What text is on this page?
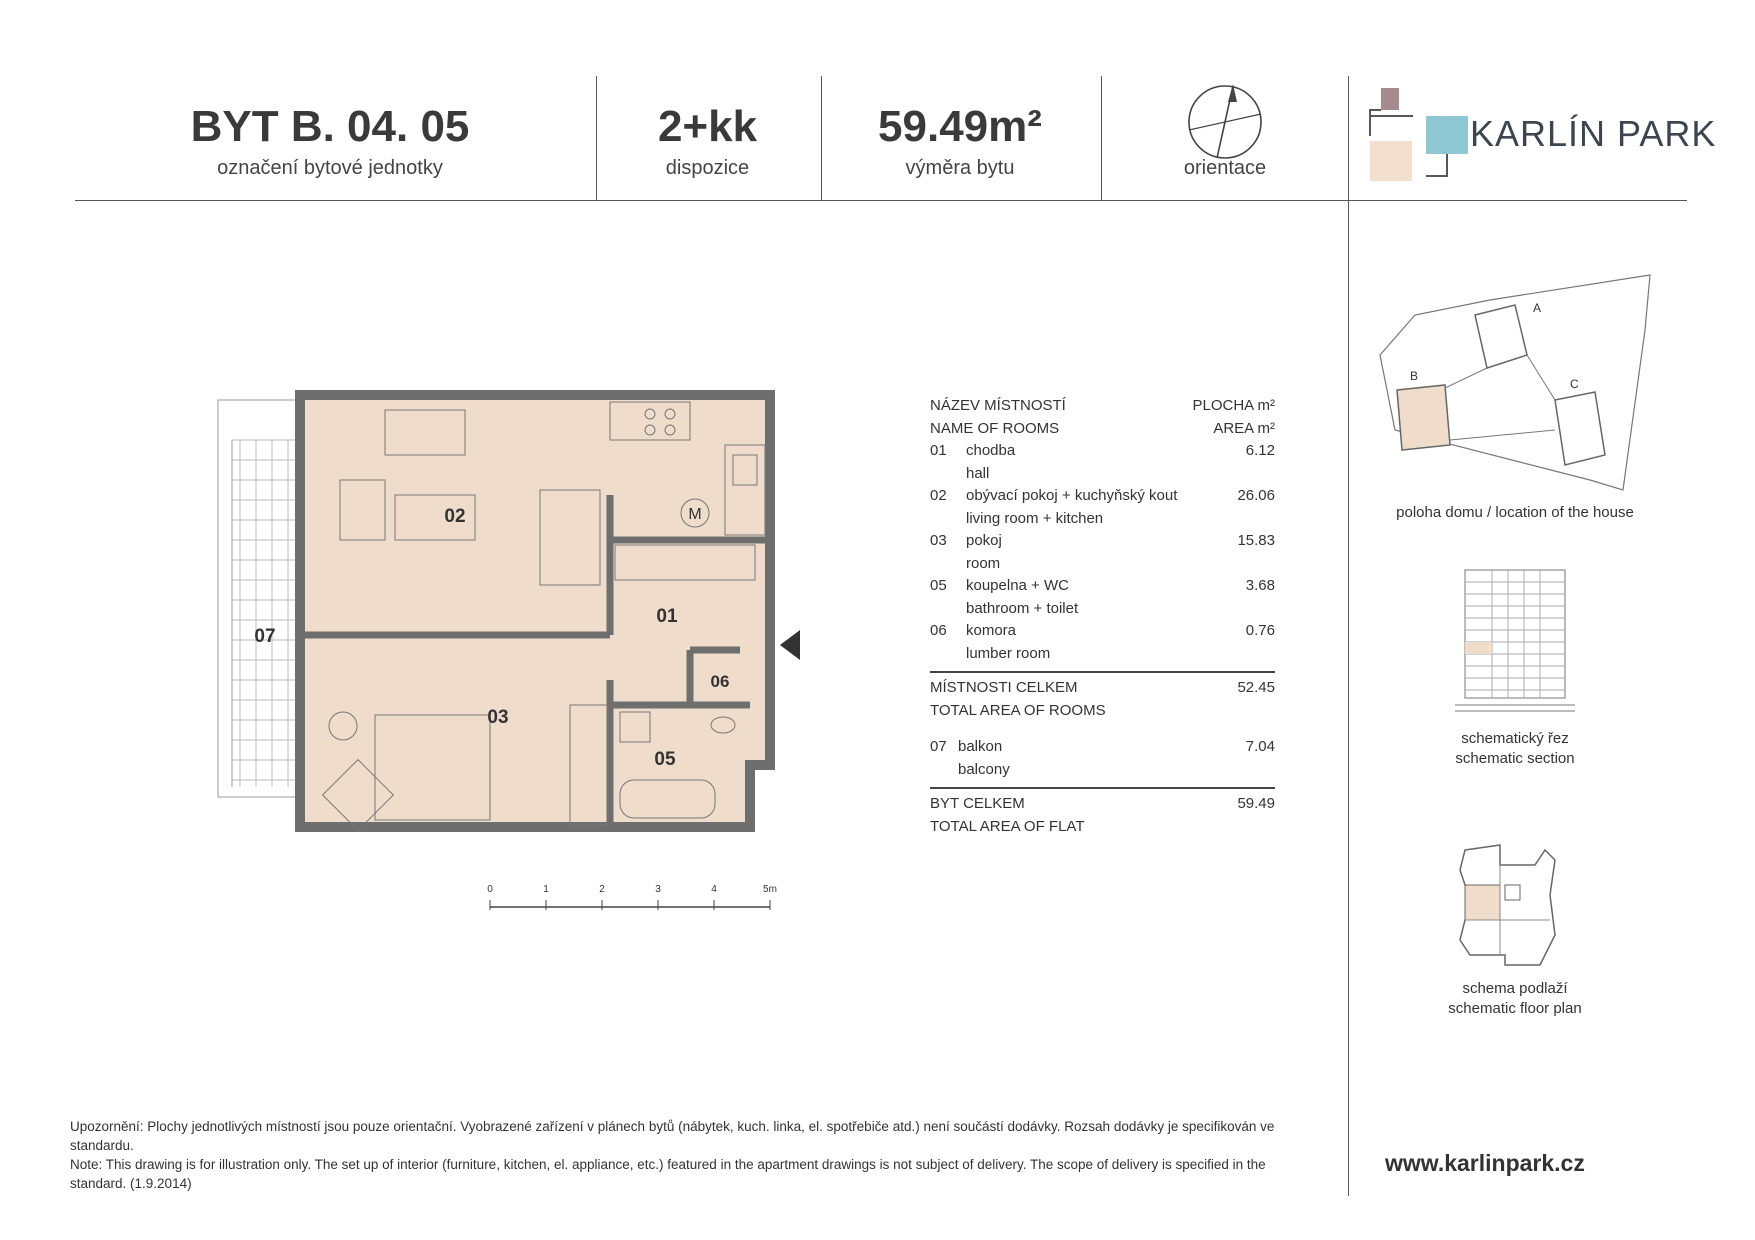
BYT B. 04. 05
označení bytové jednotky
2+kk
dispozice
59.49m²
výměra bytu	orientace
KARLÍN PARK
M
02
07
01
03
06
05
0	1	2	3	4	5m
NÁZEV MÍSTNOSTÍ	PLOCHA m²
NAME OF ROOMS	AREA m²
01	chodba	6.12
hall
02	obývací pokoj + kuchyňský kout	26.06
living room + kitchen
03	pokoj	15.83
room
05	koupelna + WC	3.68
bathroom + toilet
06	komora	0.76
lumber room
MÍSTNOSTI CELKEM	52.45
TOTAL AREA OF ROOMS
07 balkon	7.04
balcony
BYT CELKEM	59.49
TOTAL AREA OF FLAT
A
B
C
poloha domu / location of the house
schematický řez
schematic section
schema podlaží
schematic floor plan
Upozornění: Plochy jednotlivých místností jsou pouze orientační. Vyobrazené zařízení v plánech bytů (nábytek, kuch. linka, el. spotřebiče atd.) není součástí dodávky. Rozsah dodávky je specifikován ve standardu.
Note: This drawing is for illustration only. The set up of interior (furniture, kitchen, el. appliance, etc.) featured in the apartment drawings is not subject of delivery. The scope of delivery is specified in the standard. (1.9.2014)
www.karlinpark.cz
